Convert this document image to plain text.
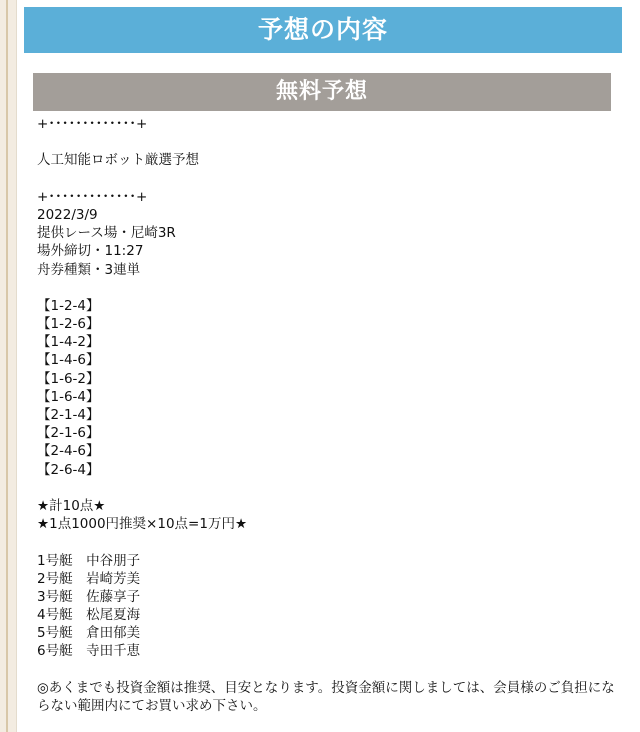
予想の内容
無料予想
+･････････････+
人工知能ロボット厳選予想
+･････････････+
2022/3/9
提供レース場・尼崎3R
場外締切・11:27
舟券種類・3連単
【1-2-4】
【1-2-6】
【1-4-2】
【1-4-6】
【1-6-2】
【1-6-4】
【2-1-4】
【2-1-6】
【2-4-6】
【2-6-4】
★計10点★
★1点1000円推奨×10点=1万円★
1号艇　中谷朋子
2号艇　岩崎芳美
3号艇　佐藤享子
4号艇　松尾夏海
5号艇　倉田郁美
6号艇　寺田千恵
◎あくまでも投資金額は推奨、目安となります。投資金額に関しましては、会員様のご負担にならない範囲内にてお買い求め下さい。
